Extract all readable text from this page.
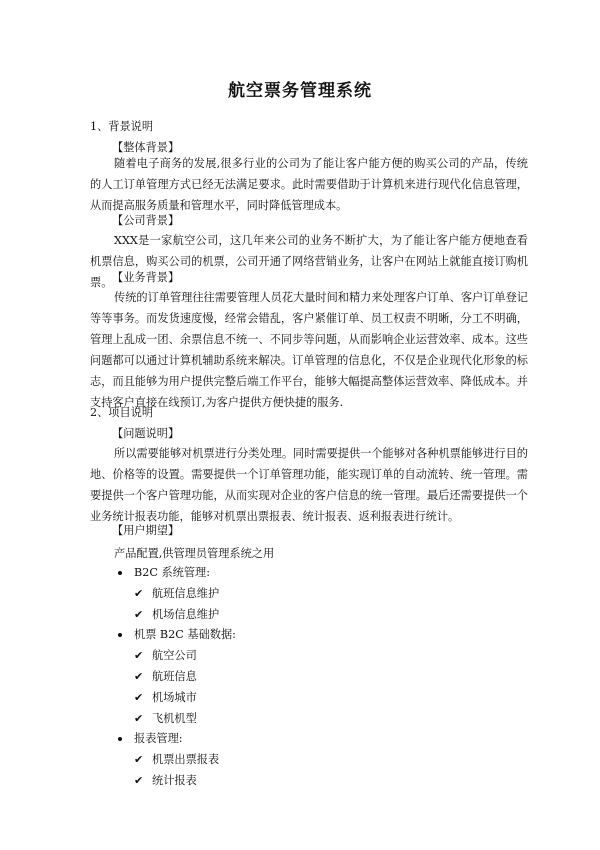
航空票务管理系统
1、背景说明
【整体背景】

随着电子商务的发展,很多行业的公司为了能让客户能方便的购买公司的产品，传统的人工订单管理方式已经无法满足要求。此时需要借助于计算机来进行现代化信息管理，从而提高服务质量和管理水平，同时降低管理成本。

【公司背景】

XXX是一家航空公司，这几年来公司的业务不断扩大，为了能让客户能方便地查看机票信息，购买公司的机票，公司开通了网络营销业务，让客户在网站上就能直接订购机票。 【业务背景】

传统的订单管理往往需要管理人员花大量时间和精力来处理客户订单、客户订单登记等等事务。而发货速度慢，经常会错乱，客户紧催订单、员工权责不明晰，分工不明确，管理上乱成一团、余票信息不统一、不同步等问题，从而影响企业运营效率、成本。这些问题都可以通过计算机辅助系统来解决。订单管理的信息化，不仅是企业现代化形象的标志，而且能够为用户提供完整后端工作平台，能够大幅提高整体运营效率、降低成本。并支持客户直接在线预订,为客户提供方便快捷的服务.

2、项目说明
【问题说明】

所以需要能够对机票进行分类处理。同时需要提供一个能够对各种机票能够进行目的地、价格等的设置。需要提供一个订单管理功能，能实现订单的自动流转、统一管理。需要提供一个客户管理功能，从而实现对企业的客户信息的统一管理。最后还需要提供一个业务统计报表功能，能够对机票出票报表、统计报表、返利报表进行统计。

【用户期望】
产品配置,供管理员管理系统之用
B2C 系统管理:
✔ 航班信息维护
✔ 机场信息维护
机票 B2C 基础数据:
✔ 航空公司
✔ 航班信息
✔ 机场城市
✔ 飞机机型
报表管理:
✔ 机票出票报表
✔ 统计报表
